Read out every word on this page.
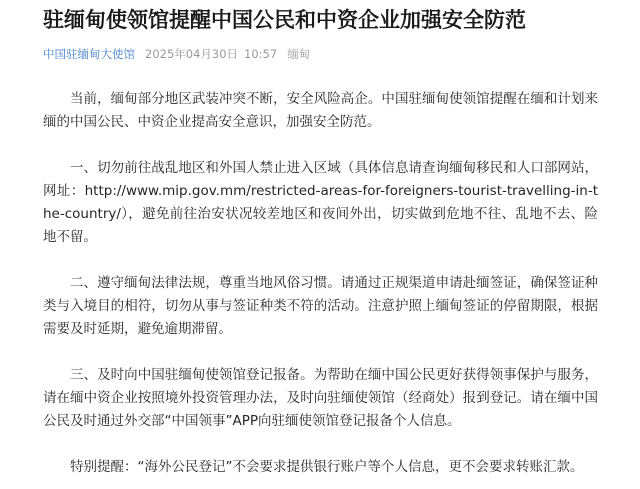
驻缅甸使领馆提醒中国公民和中资企业加强安全防范
中国驻缅甸大使馆 2025年04月30日 10:57 缅甸

当前，缅甸部分地区武装冲突不断，安全风险高企。中国驻缅甸使领馆提醒在缅和计划来缅的中国公民、中资企业提高安全意识，加强安全防范。

一、切勿前往战乱地区和外国人禁止进入区域（具体信息请查询缅甸移民和人口部网站，网址：http://www.mip.gov.mm/restricted-areas-for-foreigners-tourist-travelling-in-the-country/），避免前往治安状况较差地区和夜间外出，切实做到危地不往、乱地不去、险地不留。

二、遵守缅甸法律法规，尊重当地风俗习惯。请通过正规渠道申请赴缅签证，确保签证种类与入境目的相符，切勿从事与签证种类不符的活动。注意护照上缅甸签证的停留期限，根据需要及时延期，避免逾期滞留。

三、及时向中国驻缅甸使领馆登记报备。为帮助在缅中国公民更好获得领事保护与服务，请在缅中资企业按照境外投资管理办法，及时向驻缅使领馆（经商处）报到登记。请在缅中国公民及时通过外交部“中国领事”APP向驻缅使领馆登记报备个人信息。

特别提醒：“海外公民登记”不会要求提供银行账户等个人信息，更不会要求转账汇款。
